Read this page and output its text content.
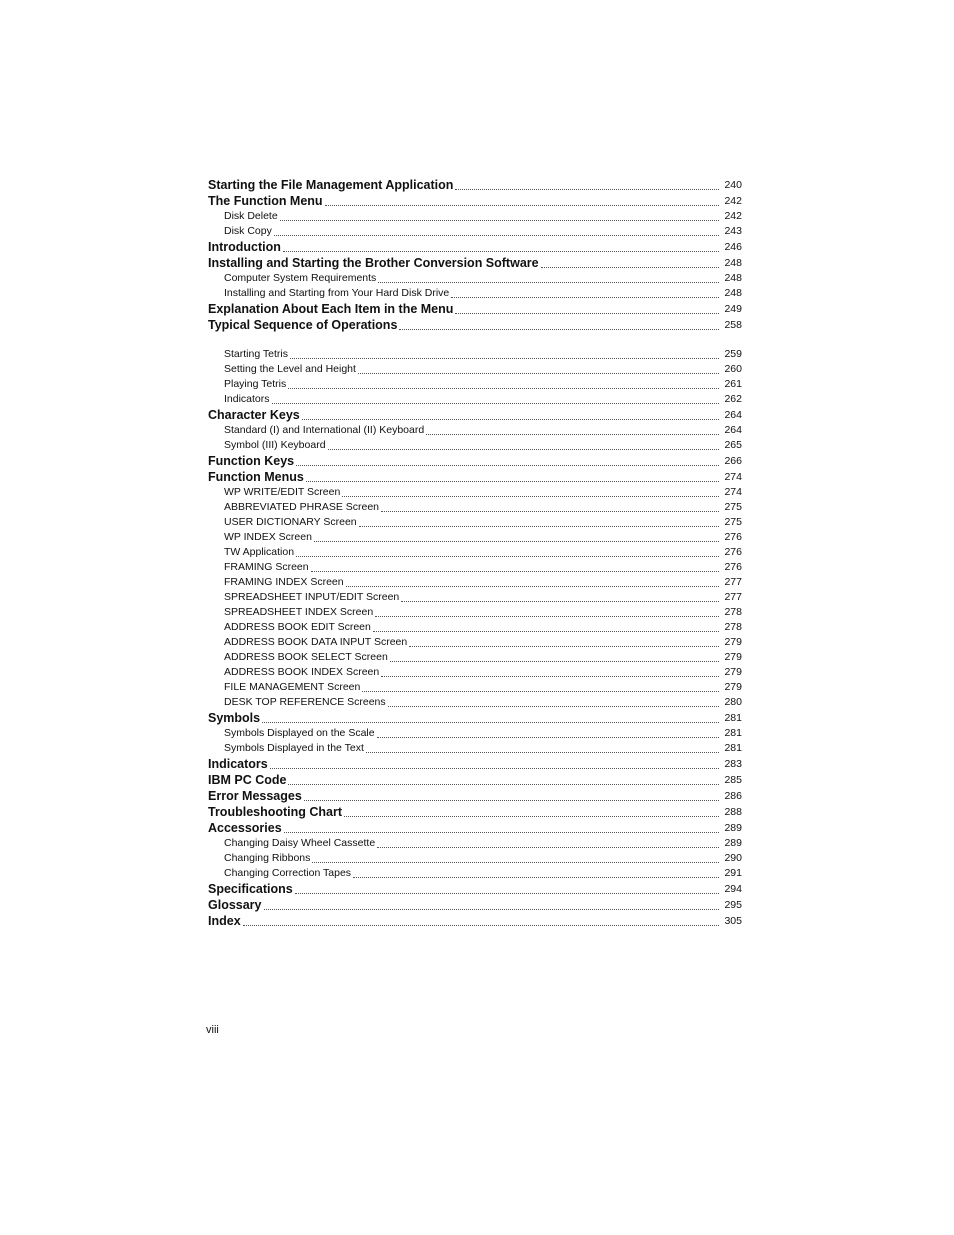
Starting the File Management Application	240
The Function Menu	242
Disk Delete	242
Disk Copy	243
Introduction	246
Installing and Starting the Brother Conversion Software	248
Computer System Requirements	248
Installing and Starting from Your Hard Disk Drive	248
Explanation About Each Item in the Menu	249
Typical Sequence of Operations	258
Starting Tetris	259
Setting the Level and Height	260
Playing Tetris	261
Indicators	262
Character Keys	264
Standard (I) and International (II) Keyboard	264
Symbol (III) Keyboard	265
Function Keys	266
Function Menus	274
WP WRITE/EDIT Screen	274
ABBREVIATED PHRASE Screen	275
USER DICTIONARY Screen	275
WP INDEX Screen	276
TW Application	276
FRAMING Screen	276
FRAMING INDEX Screen	277
SPREADSHEET INPUT/EDIT Screen	277
SPREADSHEET INDEX Screen	278
ADDRESS BOOK EDIT Screen	278
ADDRESS BOOK DATA INPUT Screen	279
ADDRESS BOOK SELECT Screen	279
ADDRESS BOOK INDEX Screen	279
FILE MANAGEMENT Screen	279
DESK TOP REFERENCE Screens	280
Symbols	281
Symbols Displayed on the Scale	281
Symbols Displayed in the Text	281
Indicators	283
IBM PC Code	285
Error Messages	286
Troubleshooting Chart	288
Accessories	289
Changing Daisy Wheel Cassette	289
Changing Ribbons	290
Changing Correction Tapes	291
Specifications	294
Glossary	295
Index	305
viii
